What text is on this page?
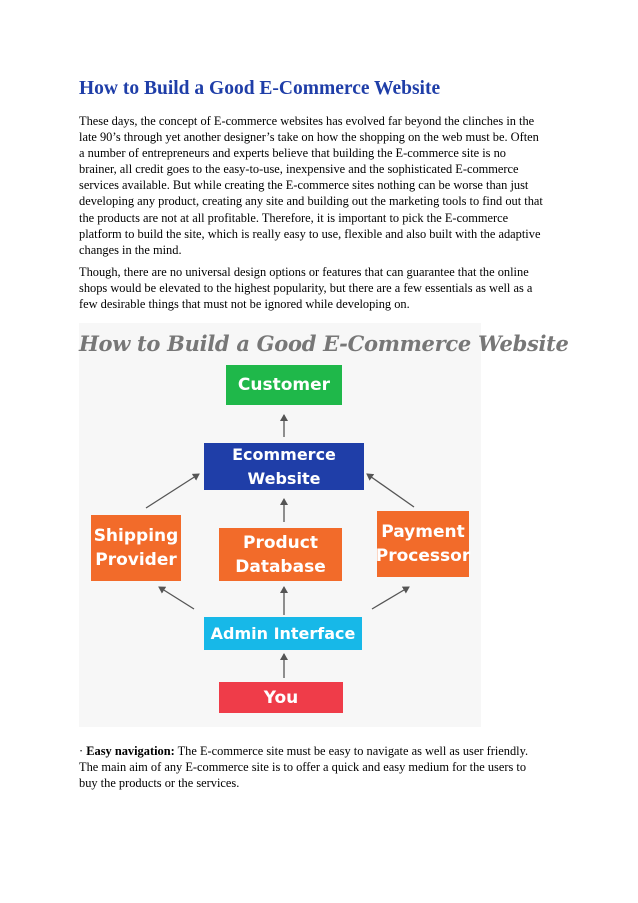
How to Build a Good E-Commerce Website
These days, the concept of E-commerce websites has evolved far beyond the clinches in the
late 90’s through yet another designer’s take on how the shopping on the web must be. Often
a number of entrepreneurs and experts believe that building the E-commerce site is no
brainer, all credit goes to the easy-to-use, inexpensive and the sophisticated E-commerce
services available. But while creating the E-commerce sites nothing can be worse than just
developing any product, creating any site and building out the marketing tools to find out that
the products are not at all profitable. Therefore, it is important to pick the E-commerce
platform to build the site, which is really easy to use, flexible and also built with the adaptive
changes in the mind.
Though, there are no universal design options or features that can guarantee that the online
shops would be elevated to the highest popularity, but there are a few essentials as well as a
few desirable things that must not be ignored while developing on.
How to Build a Good E-Commerce Website
Customer
Ecommerce Website
Shipping
Provider
Product
Database
Payment
Processor
Admin Interface
You
· Easy navigation: The E-commerce site must be easy to navigate as well as user friendly.
The main aim of any E-commerce site is to offer a quick and easy medium for the users to
buy the products or the services.
